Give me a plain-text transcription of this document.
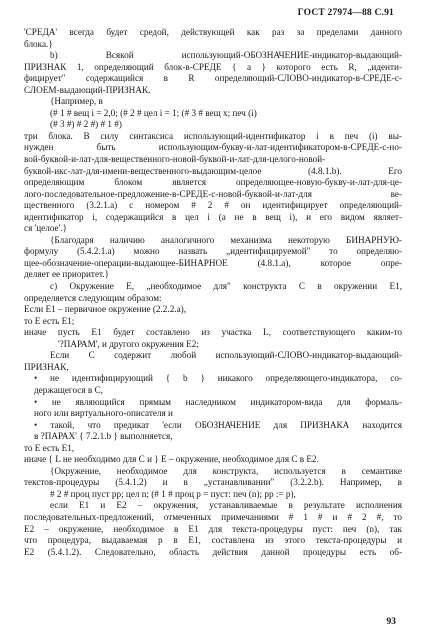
ГОСТ 27974—88 С.91
'СРЕДА' всегда будет средой, действующей как раз за пределами данного
блока.}
b) Всякой использующий-ОБОЗНАЧЕНИЕ-индикатор-выдающий-
ПРИЗНАК 1, определяющий блок-в-СРЕДЕ { a } которого есть R, „иденти-
фицирует" содержащийся в R определяющий-СЛОВО-индикатор-в-СРЕДЕ-с-
СЛОЕМ-выдающий-ПРИЗНАК.
{Например, в
(# 1 # вещ i = 2,0; (# 2 # цел i = 1; (# 3 # вещ х; печ (i)
(# 3 #) # 2 #) # 1 #)
три блока. В силу синтаксиса использующий-идентификатор i в печ (i) вы-
нужден быть использующим-букву-и-лат-идентификатором-в-СРЕДЕ-с-но-
вой-буквой-и-лат-для-вещественного-новой-буквой-и-лат-для-целого-новой-
буквой-икс-лат-для-имени-вещественного-выдающим-целое (4.8.1.b). Его
определяющим блоком является определяющее-новую-букву-и-лат-для-це-
лого-последовательное-предложение-в-СРЕДЕ-с-новой-буквой-и-лат-для ве-
щественного (3.2.1.a) с номером # 2 # он идентифицирует определяющий-
идентификатор i, содержащийся в цел i (а не в вещ i), и его видом являет-
ся 'целое'.}
{Благодаря наличию аналогичного механизма некоторую БИНАРНУЮ-
формулу (5.4.2.1.a) можно назвать „идентифицируемой" то определяю-
щее-обозначение-операции-выдающее-БИНАРНОЕ (4.8.1.a), которое опре-
деляет ее приоритет.}
c) Окружение Е, „необходимое для" конструкта С в окружении Е1,
определяется следующим образом:
Если Е1 – первичное окружение (2.2.2.a),
то Е есть Е1;
иначе пусть Е1 будет составлено из участка L, соответствующего каким-то
'?ПАРАМ', и другого окружения Е2;
Если С содержит любой использующий-СЛОВО-индикатор-выдающий-
ПРИЗНАК,
• не идентифицирующий { b } никакого определяющего-индикатора, со-
держащегося в С,
• не являющийся прямым наследником индикатором-вида для формаль-
ного или виртуального-описателя и
• такой, что предикат 'если ОБОЗНАЧЕНИЕ для ПРИЗНАКА находится
в ?ПАРАХ' { 7.2.1.b } выполняется,
то Е есть Е1,
иначе { L не необходимо для С и } Е – окружение, необходимое для С в Е2.
{Окружение, необходимое для конструкта, используется в семантике
текстов-процедуры (5.4.1.2) и в „устанавливании" (3.2.2.b). Например, в
# 2 # проц пуст рр; цел n; (# 1 # проц p = пуст: печ (n); рр := p),
если Е1 и Е2 – окружения, устанавливаемые в результате исполнения
последовательных-предложений, отмеченных примечаниями # 1 # и # 2 #, то
Е2 – окружение, необходимое в Е1 для текста-процедуры пуст: печ (n), так
что процедура, выдаваемая p в Е1, составлена из этого текста-процедуры и
Е2 (5.4.1.2). Следовательно, область действия данной процедуры есть об-
93
